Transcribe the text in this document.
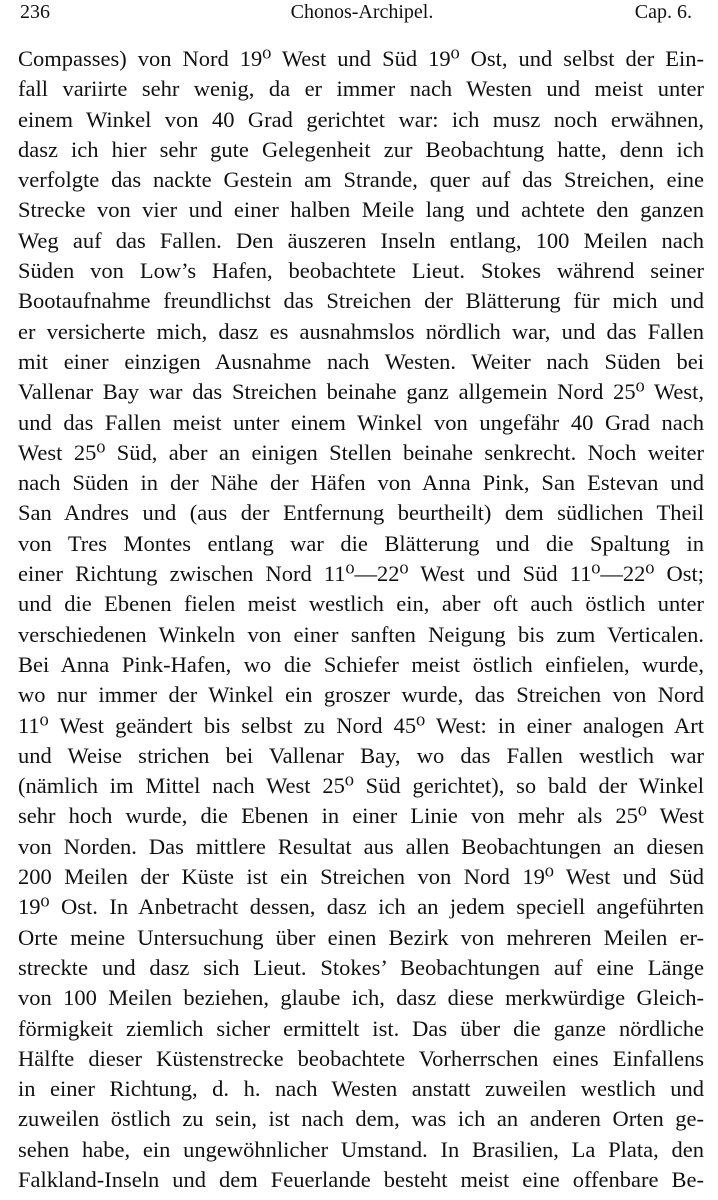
236	Chonos-Archipel.	Cap. 6.
Compasses) von Nord 19⁰ West und Süd 19⁰ Ost, und selbst der Ein-
fall variirte sehr wenig, da er immer nach Westen und meist unter
einem Winkel von 40 Grad gerichtet war: ich musz noch erwähnen,
dasz ich hier sehr gute Gelegenheit zur Beobachtung hatte, denn ich
verfolgte das nackte Gestein am Strande, quer auf das Streichen, eine
Strecke von vier und einer halben Meile lang und achtete den ganzen
Weg auf das Fallen. Den äuszeren Inseln entlang, 100 Meilen nach
Süden von Low’s Hafen, beobachtete Lieut. Stokes während seiner
Bootaufnahme freundlichst das Streichen der Blätterung für mich und
er versicherte mich, dasz es ausnahmslos nördlich war, und das Fallen
mit einer einzigen Ausnahme nach Westen. Weiter nach Süden bei
Vallenar Bay war das Streichen beinahe ganz allgemein Nord 25⁰ West,
und das Fallen meist unter einem Winkel von ungefähr 40 Grad nach
West 25⁰ Süd, aber an einigen Stellen beinahe senkrecht. Noch weiter
nach Süden in der Nähe der Häfen von Anna Pink, San Estevan und
San Andres und (aus der Entfernung beurtheilt) dem südlichen Theil
von Tres Montes entlang war die Blätterung und die Spaltung in
einer Richtung zwischen Nord 11⁰—22⁰ West und Süd 11⁰—22⁰ Ost;
und die Ebenen fielen meist westlich ein, aber oft auch östlich unter
verschiedenen Winkeln von einer sanften Neigung bis zum Verticalen.
Bei Anna Pink-Hafen, wo die Schiefer meist östlich einfielen, wurde,
wo nur immer der Winkel ein groszer wurde, das Streichen von Nord
11⁰ West geändert bis selbst zu Nord 45⁰ West: in einer analogen Art
und Weise strichen bei Vallenar Bay, wo das Fallen westlich war
(nämlich im Mittel nach West 25⁰ Süd gerichtet), so bald der Winkel
sehr hoch wurde, die Ebenen in einer Linie von mehr als 25⁰ West
von Norden. Das mittlere Resultat aus allen Beobachtungen an diesen
200 Meilen der Küste ist ein Streichen von Nord 19⁰ West und Süd
19⁰ Ost. In Anbetracht dessen, dasz ich an jedem speciell angeführten
Orte meine Untersuchung über einen Bezirk von mehreren Meilen er-
streckte und dasz sich Lieut. Stokes’ Beobachtungen auf eine Länge
von 100 Meilen beziehen, glaube ich, dasz diese merkwürdige Gleich-
förmigkeit ziemlich sicher ermittelt ist. Das über die ganze nördliche
Hälfte dieser Küstenstrecke beobachtete Vorherrschen eines Einfallens
in einer Richtung, d. h. nach Westen anstatt zuweilen westlich und
zuweilen östlich zu sein, ist nach dem, was ich an anderen Orten ge-
sehen habe, ein ungewöhnlicher Umstand. In Brasilien, La Plata, den
Falkland-Inseln und dem Feuerlande besteht meist eine offenbare Be-
